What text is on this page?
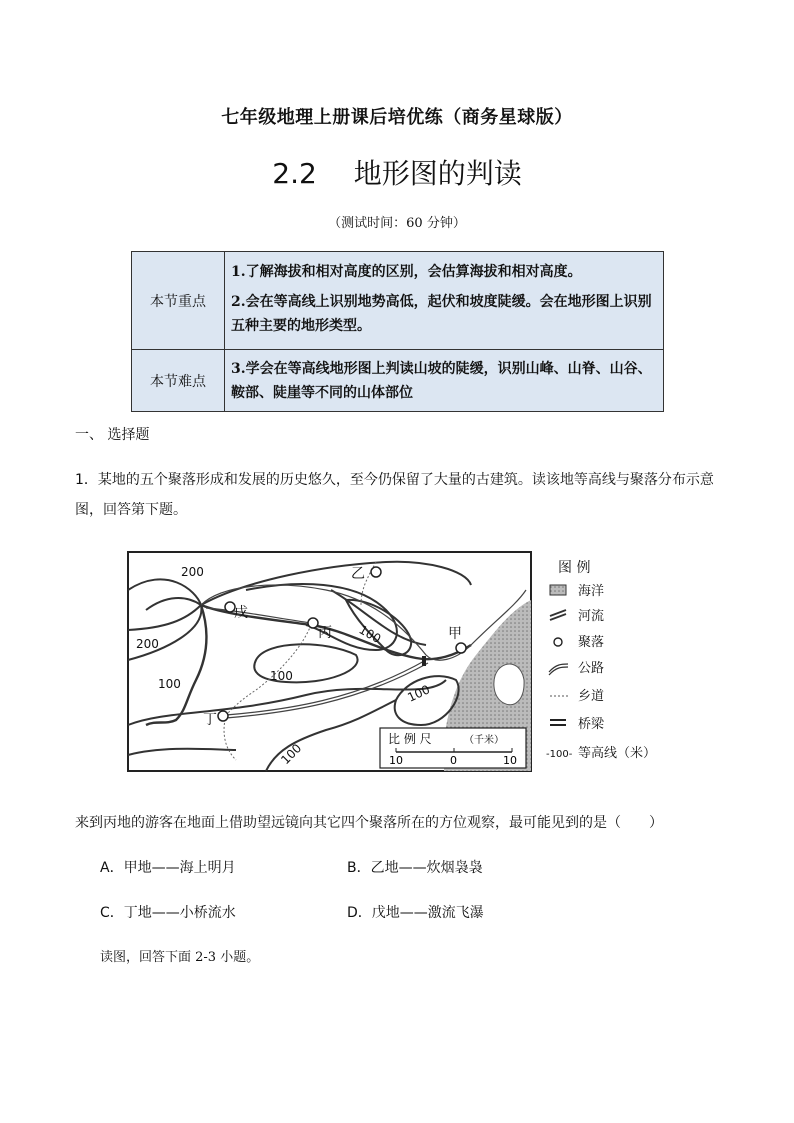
七年级地理上册课后培优练（商务星球版）
2.2　 地形图的判读
（测试时间：60 分钟）
本节重点	1.了解海拔和相对高度的区别，会估算海拔和相对高度。

2.会在等高线上识别地势高低，起伏和坡度陡缓。会在地形图上识别五种主要的地形类型。

本节难点	3.学会在等高线地形图上判读山坡的陡缓，识别山峰、山脊、山谷、鞍部、陡崖等不同的山体部位

一、 选择题
1．某地的五个聚落形成和发展的历史悠久，至今仍保留了大量的古建筑。读该地等高线与聚落分布示意图，回答第下题。
戊
丙
乙
甲
丁
200
200
100
100
100
100
100
比 例 尺	（千米）
10	0	10
图 例
海洋
河流
聚落
公路
乡道
桥梁
-100- 等高线（米）
来到丙地的游客在地面上借助望远镜向其它四个聚落所在的方位观察，最可能见到的是（　　）
A．甲地——海上明月	B．乙地——炊烟袅袅
C．丁地——小桥流水	D．戊地——激流飞瀑
读图，回答下面 2-3 小题。
